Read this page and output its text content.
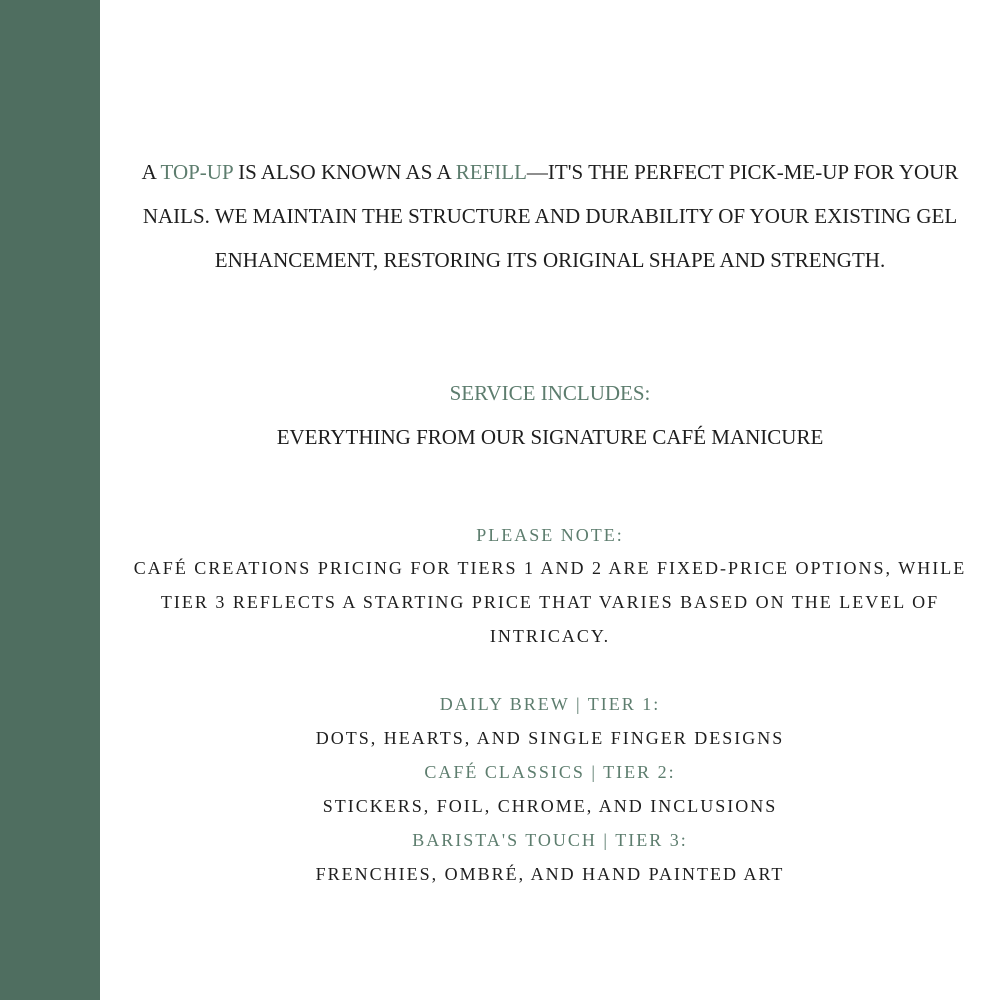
A TOP-UP IS ALSO KNOWN AS A REFILL—IT'S THE PERFECT PICK-ME-UP FOR YOUR NAILS. WE MAINTAIN THE STRUCTURE AND DURABILITY OF YOUR EXISTING GEL ENHANCEMENT, RESTORING ITS ORIGINAL SHAPE AND STRENGTH.

SERVICE INCLUDES:

EVERYTHING FROM OUR SIGNATURE CAFÉ MANICURE

PLEASE NOTE:

CAFÉ CREATIONS PRICING FOR TIERS 1 AND 2 ARE FIXED-PRICE OPTIONS, WHILE TIER 3 REFLECTS A STARTING PRICE THAT VARIES BASED ON THE LEVEL OF INTRICACY.

DAILY BREW | TIER 1:
DOTS, HEARTS, AND SINGLE FINGER DESIGNS
CAFÉ CLASSICS | TIER 2:
STICKERS, FOIL, CHROME, AND INCLUSIONS
BARISTA'S TOUCH | TIER 3:
FRENCHIES, OMBRÉ, AND HAND PAINTED ART
